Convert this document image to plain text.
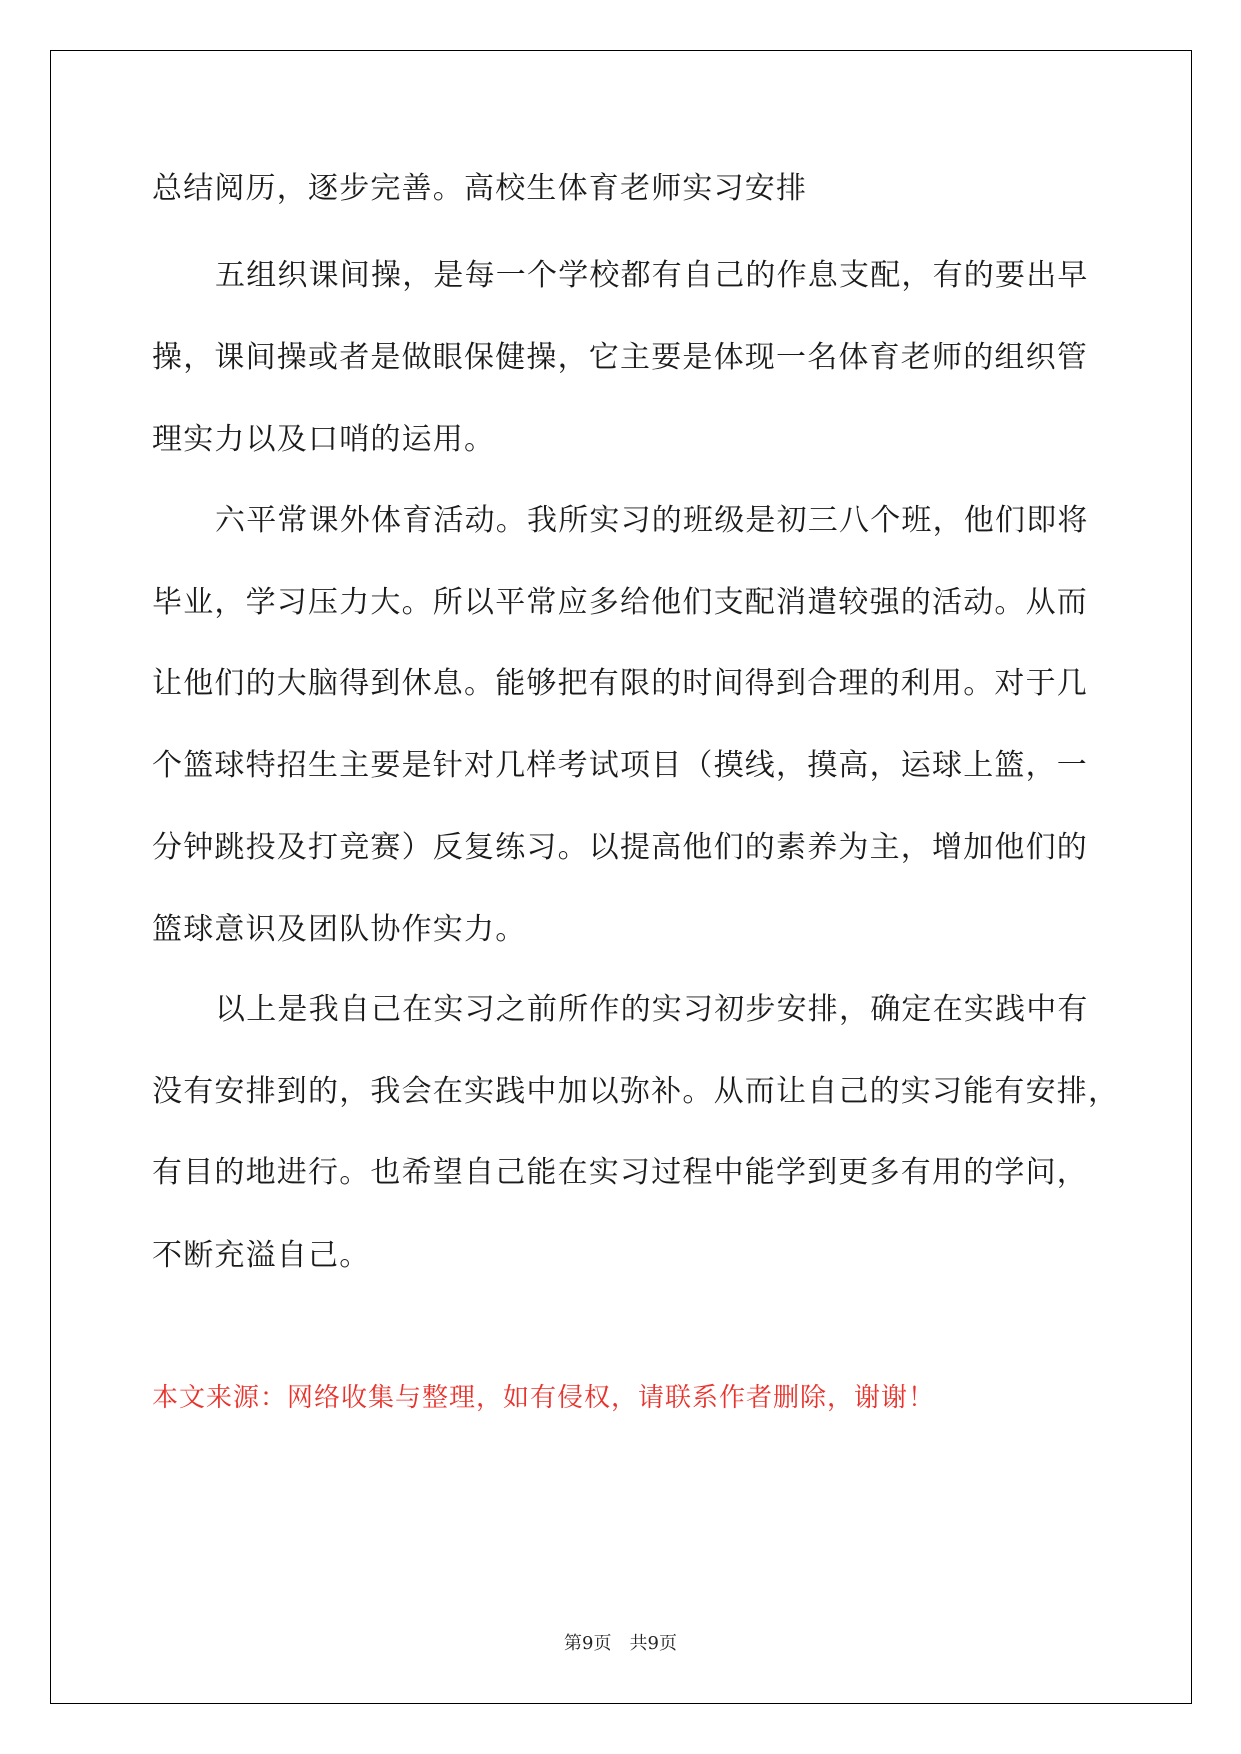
总结阅历，逐步完善。高校生体育老师实习安排
五组织课间操，是每一个学校都有自己的作息支配，有的要出早
操，课间操或者是做眼保健操，它主要是体现一名体育老师的组织管
理实力以及口哨的运用。
六平常课外体育活动。我所实习的班级是初三八个班，他们即将
毕业，学习压力大。所以平常应多给他们支配消遣较强的活动。从而
让他们的大脑得到休息。能够把有限的时间得到合理的利用。对于几
个篮球特招生主要是针对几样考试项目（摸线，摸高，运球上篮，一
分钟跳投及打竞赛）反复练习。以提高他们的素养为主，增加他们的
篮球意识及团队协作实力。
以上是我自己在实习之前所作的实习初步安排，确定在实践中有
没有安排到的，我会在实践中加以弥补。从而让自己的实习能有安排，
有目的地进行。也希望自己能在实习过程中能学到更多有用的学问，
不断充溢自己。
本文来源：网络收集与整理，如有侵权，请联系作者删除，谢谢！
第9页 共9页
